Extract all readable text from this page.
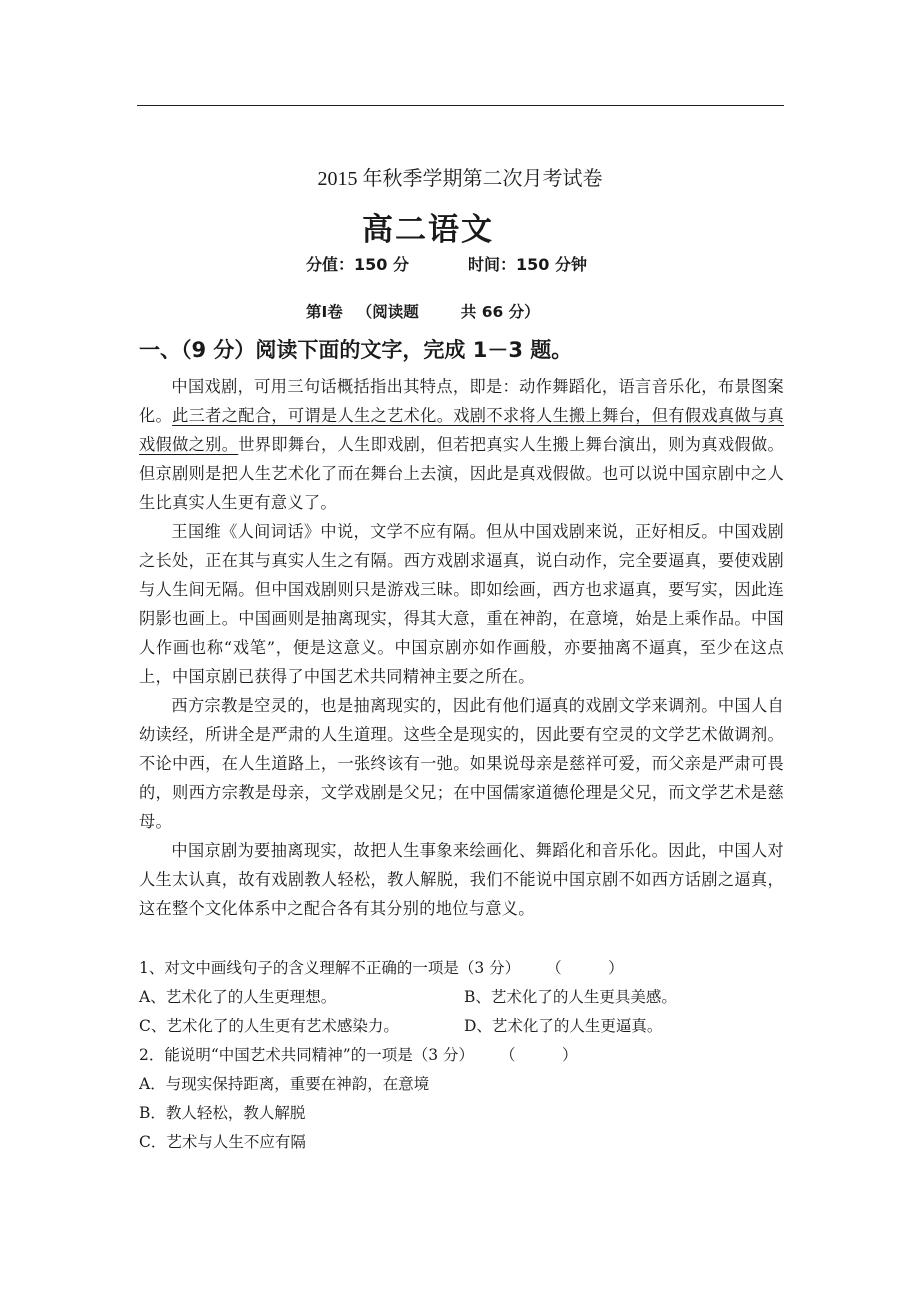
2015 年秋季学期第二次月考试卷
高二语文
分值：150 分	时间：150 分钟
第Ⅰ卷 （阅读题	共 66 分）
一、（9 分）阅读下面的文字，完成 1－3 题。

中国戏剧，可用三句话概括指出其特点，即是：动作舞蹈化，语言音乐化，布景图案化。此三者之配合，可谓是人生之艺术化。戏剧不求将人生搬上舞台，但有假戏真做与真戏假做之别。世界即舞台，人生即戏剧，但若把真实人生搬上舞台演出，则为真戏假做。但京剧则是把人生艺术化了而在舞台上去演，因此是真戏假做。也可以说中国京剧中之人生比真实人生更有意义了。

王国维《人间词话》中说，文学不应有隔。但从中国戏剧来说，正好相反。中国戏剧之长处，正在其与真实人生之有隔。西方戏剧求逼真，说白动作，完全要逼真，要使戏剧与人生间无隔。但中国戏剧则只是游戏三昧。即如绘画，西方也求逼真，要写实，因此连阴影也画上。中国画则是抽离现实，得其大意，重在神韵，在意境，始是上乘作品。中国人作画也称“戏笔”，便是这意义。中国京剧亦如作画般，亦要抽离不逼真，至少在这点上，中国京剧已获得了中国艺术共同精神主要之所在。

西方宗教是空灵的，也是抽离现实的，因此有他们逼真的戏剧文学来调剂。中国人自幼读经，所讲全是严肃的人生道理。这些全是现实的，因此要有空灵的文学艺术做调剂。不论中西，在人生道路上，一张终该有一弛。如果说母亲是慈祥可爱，而父亲是严肃可畏的，则西方宗教是母亲，文学戏剧是父兄；在中国儒家道德伦理是父兄，而文学艺术是慈母。

中国京剧为要抽离现实，故把人生事象来绘画化、舞蹈化和音乐化。因此，中国人对人生太认真，故有戏剧教人轻松，教人解脱，我们不能说中国京剧不如西方话剧之逼真，这在整个文化体系中之配合各有其分别的地位与意义。

1、对文中画线句子的含义理解不正确的一项是（3 分） （　　　）
A、艺术化了的人生更理想。	B、艺术化了的人生更具美感。
C、艺术化了的人生更有艺术感染力。	D、艺术化了的人生更逼真。
2．能说明“中国艺术共同精神”的一项是（3 分） （　　　）
A．与现实保持距离，重要在神韵，在意境
B．教人轻松，教人解脱
C．艺术与人生不应有隔
